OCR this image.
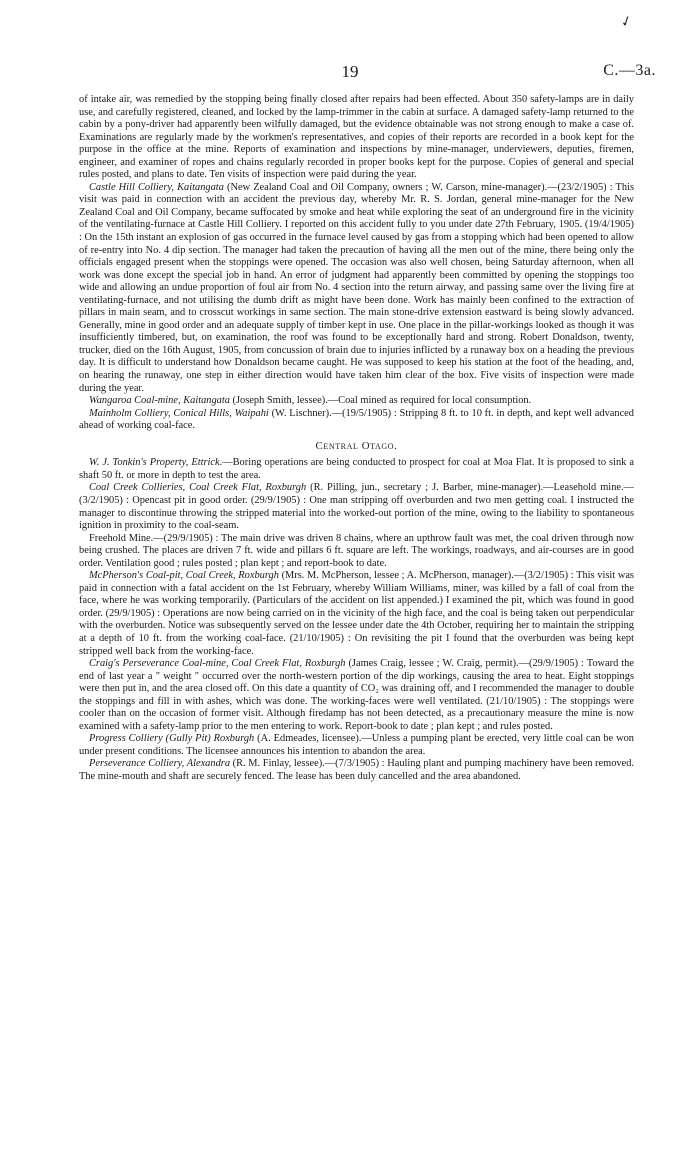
✓
19	C.—3a.

of intake air, was remedied by the stopping being finally closed after repairs had been effected. About 350 safety-lamps are in daily use, and carefully registered, cleaned, and locked by the lamp-trimmer in the cabin at surface. A damaged safety-lamp returned to the cabin by a pony-driver had apparently been wilfully damaged, but the evidence obtainable was not strong enough to make a case of. Examinations are regularly made by the workmen's representatives, and copies of their reports are recorded in a book kept for the purpose in the office at the mine. Reports of examination and inspections by mine-manager, underviewers, deputies, firemen, engineer, and examiner of ropes and chains regularly recorded in proper books kept for the purpose. Copies of general and special rules posted, and plans to date. Ten visits of inspection were paid during the year.

Castle Hill Colliery, Kaitangata (New Zealand Coal and Oil Company, owners ; W. Carson, mine-manager).—(23/2/1905) : This visit was paid in connection with an accident the previous day, whereby Mr. R. S. Jordan, general mine-manager for the New Zealand Coal and Oil Company, became suffocated by smoke and heat while exploring the seat of an underground fire in the vicinity of the ventilating-furnace at Castle Hill Colliery. I reported on this accident fully to you under date 27th February, 1905. (19/4/1905) : On the 15th instant an explosion of gas occurred in the furnace level caused by gas from a stopping which had been opened to allow of re-entry into No. 4 dip section. The manager had taken the precaution of having all the men out of the mine, there being only the officials engaged present when the stoppings were opened. The occasion was also well chosen, being Saturday afternoon, when all work was done except the special job in hand. An error of judgment had apparently been committed by opening the stoppings too wide and allowing an undue proportion of foul air from No. 4 section into the return airway, and passing same over the living fire at ventilating-furnace, and not utilising the dumb drift as might have been done. Work has mainly been confined to the extraction of pillars in main seam, and to crosscut workings in same section. The main stone-drive extension eastward is being slowly advanced. Generally, mine in good order and an adequate supply of timber kept in use. One place in the pillar-workings looked as though it was insufficiently timbered, but, on examination, the roof was found to be exceptionally hard and strong. Robert Donaldson, twenty, trucker, died on the 16th August, 1905, from concussion of brain due to injuries inflicted by a runaway box on a heading the previous day. It is difficult to understand how Donaldson became caught. He was supposed to keep his station at the foot of the heading, and, on hearing the runaway, one step in either direction would have taken him clear of the box. Five visits of inspection were made during the year.

Wangaroa Coal-mine, Kaitangata (Joseph Smith, lessee).—Coal mined as required for local consumption.

Mainholm Colliery, Conical Hills, Waipahi (W. Lischner).—(19/5/1905) : Stripping 8 ft. to 10 ft. in depth, and kept well advanced ahead of working coal-face.

Central Otago.

W. J. Tonkin's Property, Ettrick.—Boring operations are being conducted to prospect for coal at Moa Flat. It is proposed to sink a shaft 50 ft. or more in depth to test the area.

Coal Creek Collieries, Coal Creek Flat, Roxburgh (R. Pilling, jun., secretary ; J. Barber, mine-manager).—Leasehold mine.—(3/2/1905) : Opencast pit in good order. (29/9/1905) : One man stripping off overburden and two men getting coal. I instructed the manager to discontinue throwing the stripped material into the worked-out portion of the mine, owing to the liability to spontaneous ignition in proximity to the coal-seam.

Freehold Mine.—(29/9/1905) : The main drive was driven 8 chains, where an upthrow fault was met, the coal driven through now being crushed. The places are driven 7 ft. wide and pillars 6 ft. square are left. The workings, roadways, and air-courses are in good order. Ventilation good ; rules posted ; plan kept ; and report-book to date.

McPherson's Coal-pit, Coal Creek, Roxburgh (Mrs. M. McPherson, lessee ; A. McPherson, manager).—(3/2/1905) : This visit was paid in connection with a fatal accident on the 1st February, whereby William Williams, miner, was killed by a fall of coal from the face, where he was working temporarily. (Particulars of the accident on list appended.) I examined the pit, which was found in good order. (29/9/1905) : Operations are now being carried on in the vicinity of the high face, and the coal is being taken out perpendicular with the overburden. Notice was subsequently served on the lessee under date the 4th October, requiring her to maintain the stripping at a depth of 10 ft. from the working coal-face. (21/10/1905) : On revisiting the pit I found that the overburden was being kept stripped well back from the working-face.

Craig's Perseverance Coal-mine, Coal Creek Flat, Roxburgh (James Craig, lessee ; W. Craig, permit).—(29/9/1905) : Toward the end of last year a " weight " occurred over the north-western portion of the dip workings, causing the area to heat. Eight stoppings were then put in, and the area closed off. On this date a quantity of CO₂ was draining off, and I recommended the manager to double the stoppings and fill in with ashes, which was done. The working-faces were well ventilated. (21/10/1905) : The stoppings were cooler than on the occasion of former visit. Although firedamp has not been detected, as a precautionary measure the mine is now examined with a safety-lamp prior to the men entering to work. Report-book to date ; plan kept ; and rules posted.

Progress Colliery (Gully Pit) Roxburgh (A. Edmeades, licensee).—Unless a pumping plant be erected, very little coal can be won under present conditions. The licensee announces his intention to abandon the area.

Perseverance Colliery, Alexandra (R. M. Finlay, lessee).—(7/3/1905) : Hauling plant and pumping machinery have been removed. The mine-mouth and shaft are securely fenced. The lease has been duly cancelled and the area abandoned.
